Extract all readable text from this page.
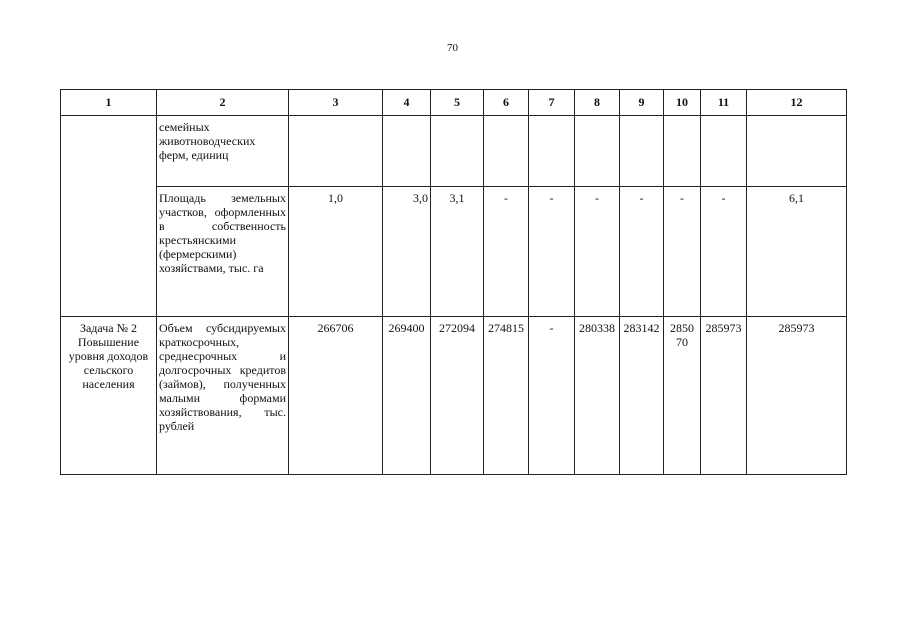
70
1	2	3	4	5	6	7	8	9	10	11	12
	семейных животноводческих ферм, единиц										
	Площадь земельных участков, оформленных в собственность крестьянскими (фермерскими) хозяйствами, тыс. га	1,0	3,0	3,1	-	-	-	-	-	-	6,1
Задача № 2 Повышение уровня доходов сельского населения	Объем субсидируемых краткосрочных, среднесрочных и долгосрочных кредитов (займов), полученных малыми формами хозяйствования, тыс. рублей	266706	269400	272094	274815	-	280338	283142	2850 70	285973	285973
